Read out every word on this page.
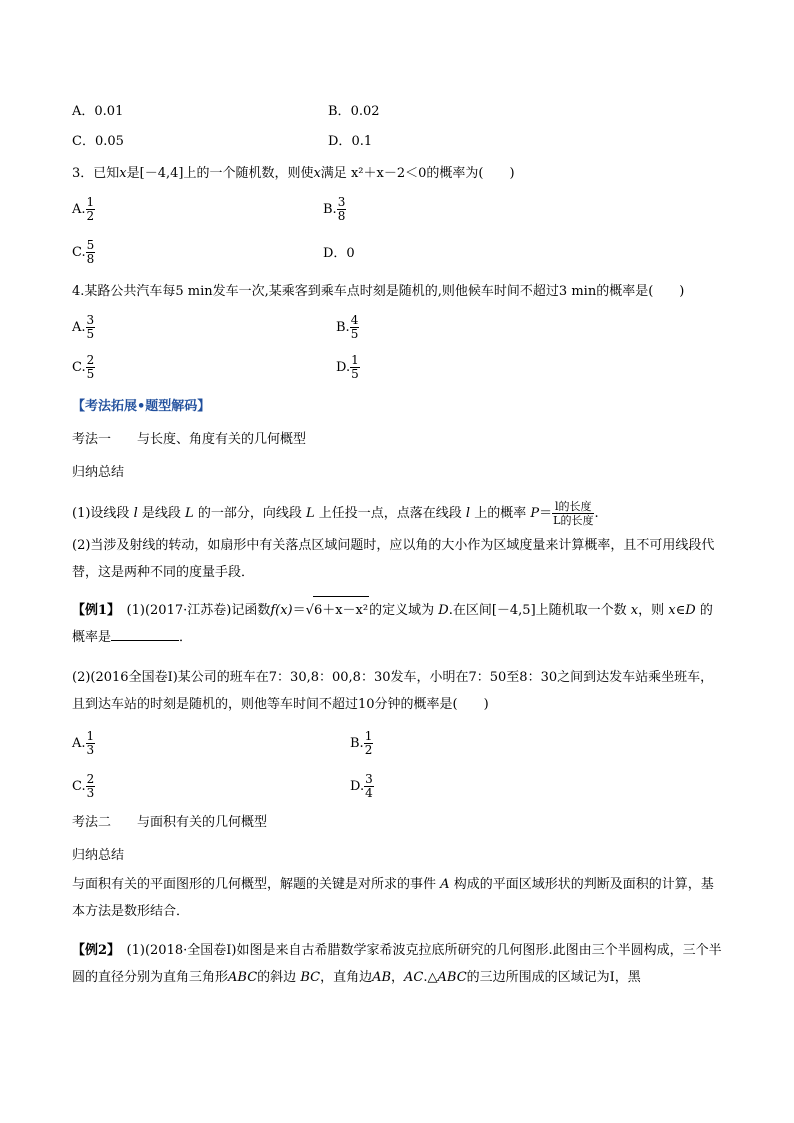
A．0.01	B．0.02
C．0.05	D．0.1
3．已知x是[－4,4]上的一个随机数，则使x满足 x²＋x－2＜0的概率为(　　)
A. $\frac{1}{2}$	B. $\frac{3}{8}$
C. $\frac{5}{8}$	D．0
4.某路公共汽车每5 min发车一次,某乘客到乘车点时刻是随机的,则他候车时间不超过3 min的概率是(　　)
A. $\frac{3}{5}$	B. $\frac{4}{5}$
C. $\frac{2}{5}$	D. $\frac{1}{5}$
【考法拓展•题型解码】
考法一　　与长度、角度有关的几何概型
归纳总结
(1)设线段 l 是线段 L 的一部分，向线段 L 上任投一点，点落在线段 l 上的概率 $P= \frac{\text{l的长度}}{\text{L的长度}}$ .
(2)当涉及射线的转动，如扇形中有关落点区域问题时，应以角的大小作为区域度量来计算概率，且不可用线段代替，这是两种不同的度量手段．
【例1】　(1)(2017·江苏卷)记函数f(x)＝√6＋x－x²的定义域为 D.在区间[－4,5]上随机取一个数 x，则 x∈D 的概率是	．
(2)(2016全国卷Ⅰ)某公司的班车在7：30,8：00,8：30发车，小明在7：50至8：30之间到达发车站乘坐班车，且到达车站的时刻是随机的，则他等车时间不超过10分钟的概率是(　　)
A. $\frac{1}{3}$	B. $\frac{1}{2}$
C. $\frac{2}{3}$	D. $\frac{3}{4}$
考法二　　与面积有关的几何概型
归纳总结
与面积有关的平面图形的几何概型，解题的关键是对所求的事件 A 构成的平面区域形状的判断及面积的计算，基本方法是数形结合．
【例2】　(1)(2018·全国卷Ⅰ)如图是来自古希腊数学家希波克拉底所研究的几何图形.此图由三个半圆构成，三个半圆的直径分别为直角三角形ABC的斜边 BC，直角边AB，AC.△ABC的三边所围成的区域记为Ⅰ，黑
